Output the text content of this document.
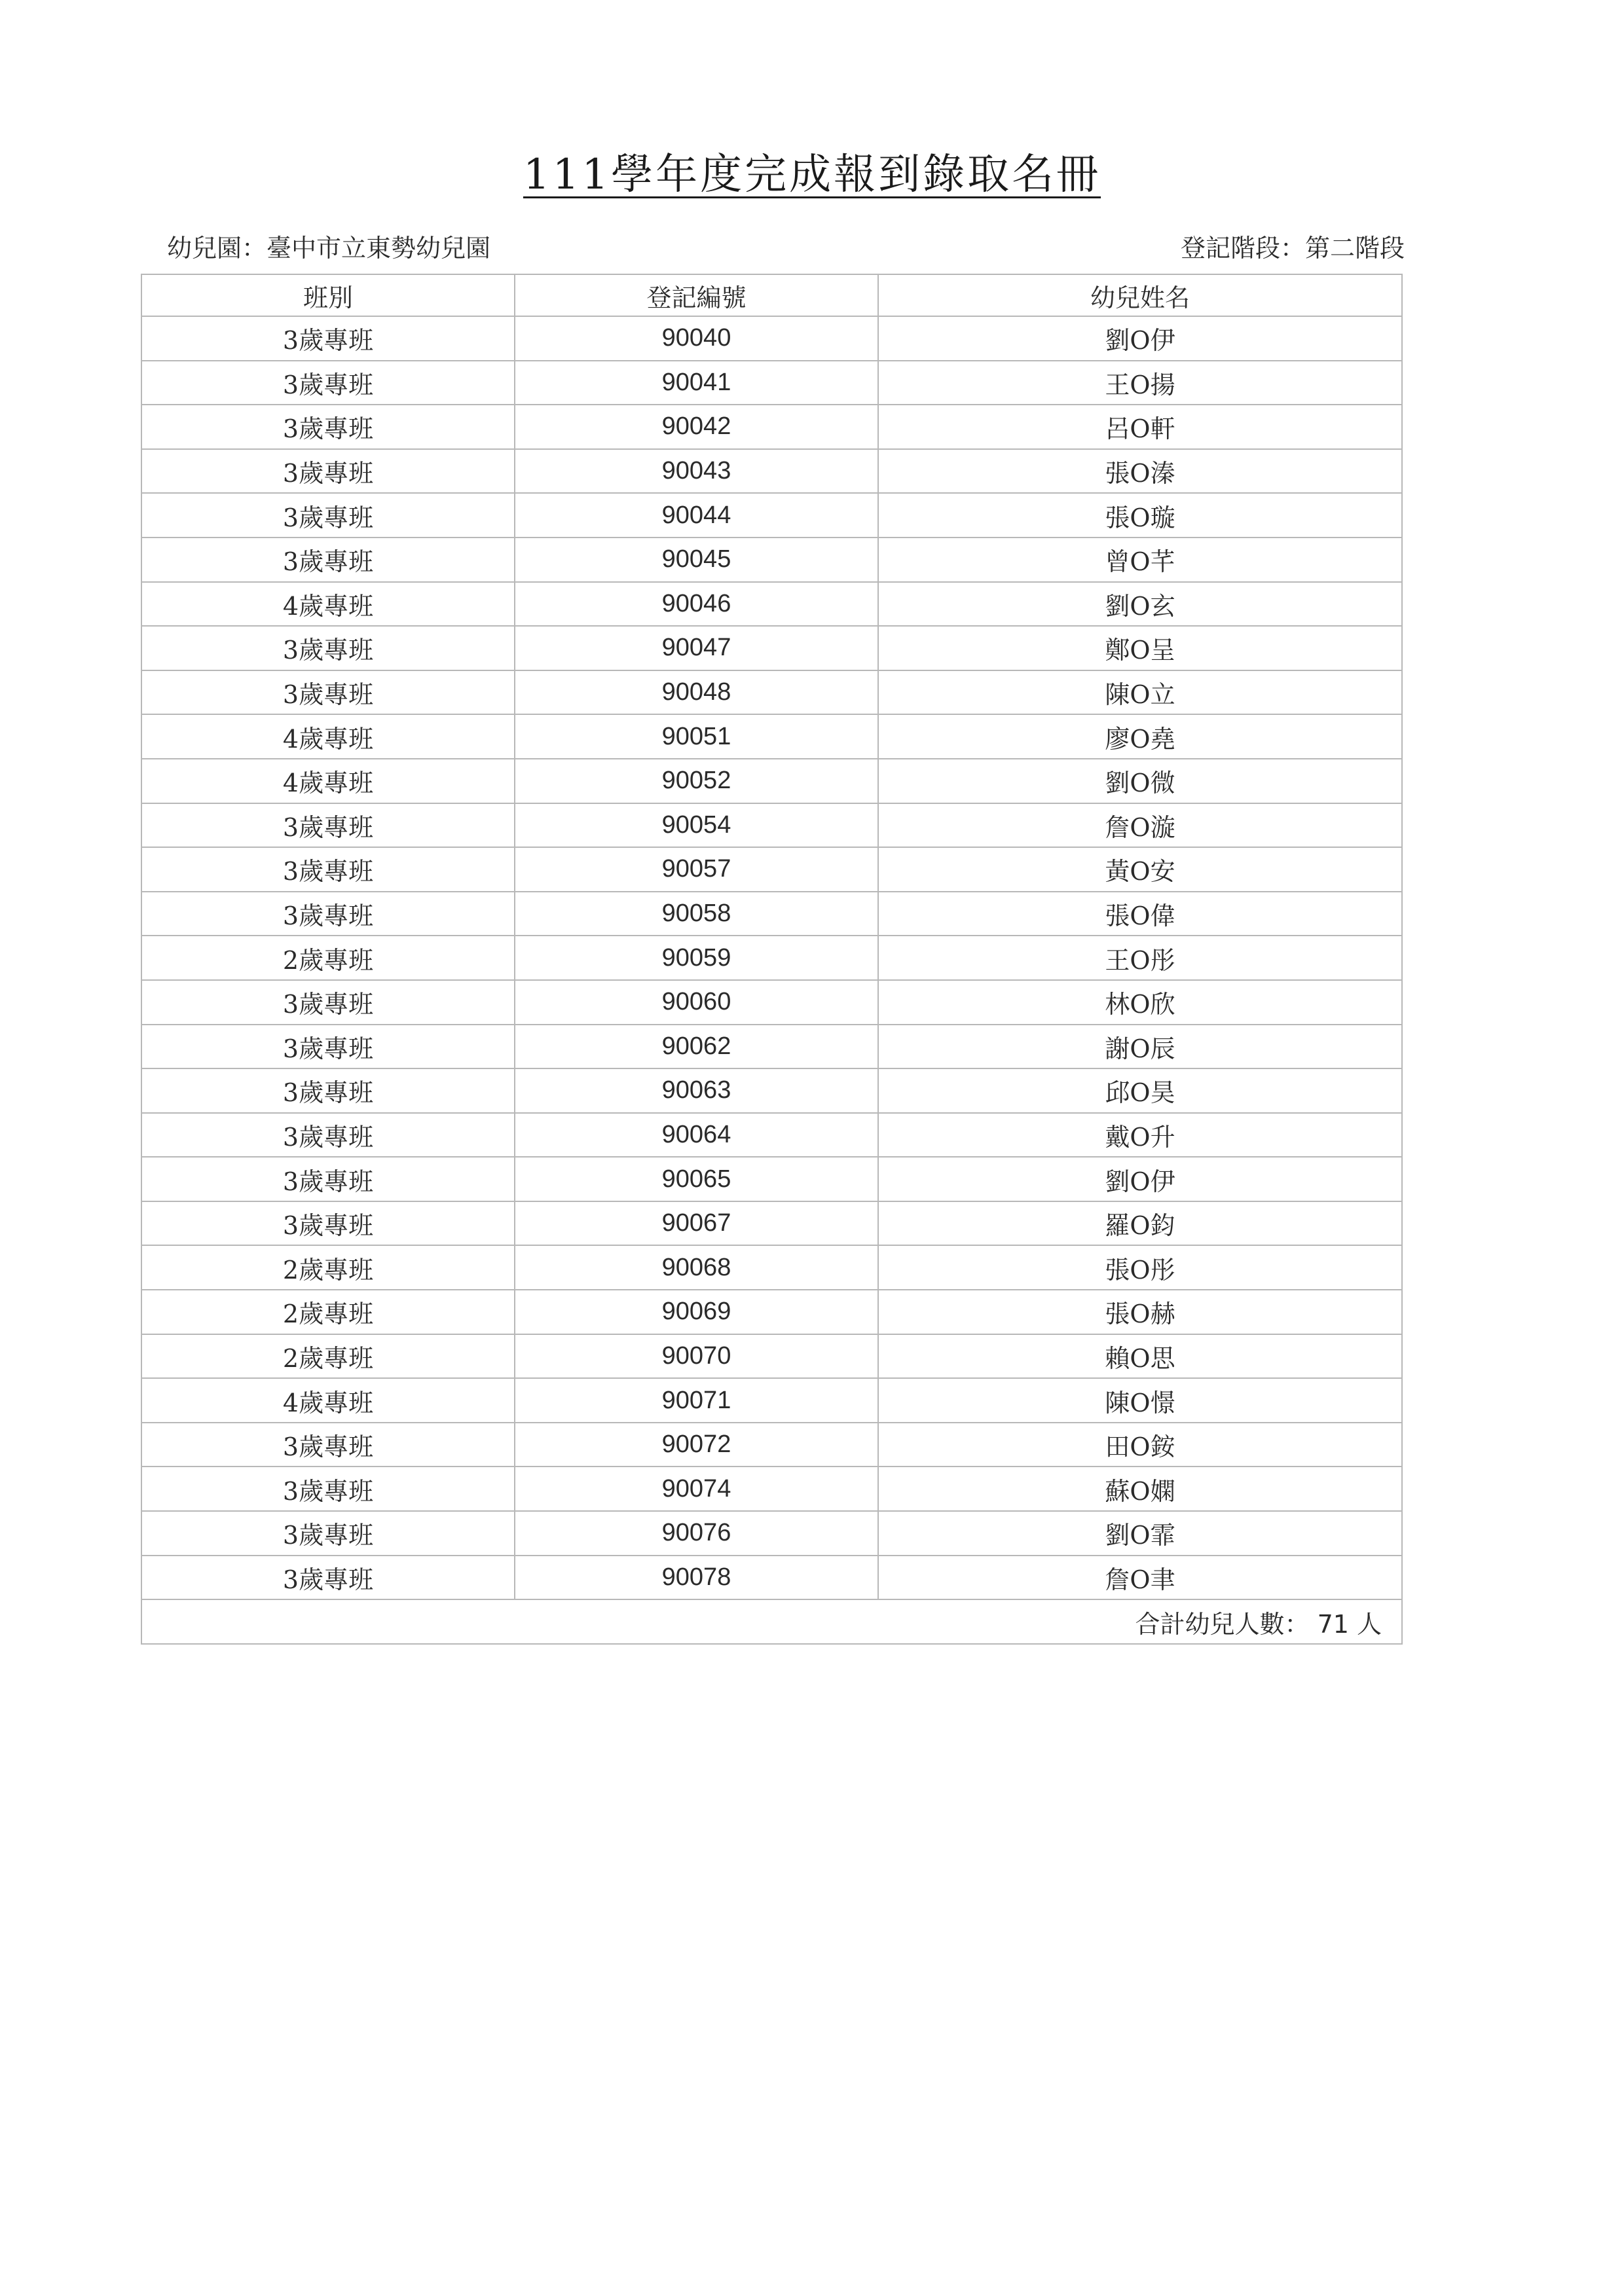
111學年度完成報到錄取名冊
幼兒園：臺中市立東勢幼兒園	登記階段：第二階段
班別	登記編號	幼兒姓名
3歲專班	90040	劉O伊
3歲專班	90041	王O揚
3歲專班	90042	呂O軒
3歲專班	90043	張O溱
3歲專班	90044	張O璇
3歲專班	90045	曾O芊
4歲專班	90046	劉O玄
3歲專班	90047	鄭O呈
3歲專班	90048	陳O立
4歲專班	90051	廖O堯
4歲專班	90052	劉O微
3歲專班	90054	詹O漩
3歲專班	90057	黃O安
3歲專班	90058	張O偉
2歲專班	90059	王O彤
3歲專班	90060	林O欣
3歲專班	90062	謝O辰
3歲專班	90063	邱O昊
3歲專班	90064	戴O升
3歲專班	90065	劉O伊
3歲專班	90067	羅O鈞
2歲專班	90068	張O彤
2歲專班	90069	張O赫
2歲專班	90070	賴O思
4歲專班	90071	陳O憬
3歲專班	90072	田O銨
3歲專班	90074	蘇O嫻
3歲專班	90076	劉O霏
3歲專班	90078	詹O聿
合計幼兒人數： 71 人		
